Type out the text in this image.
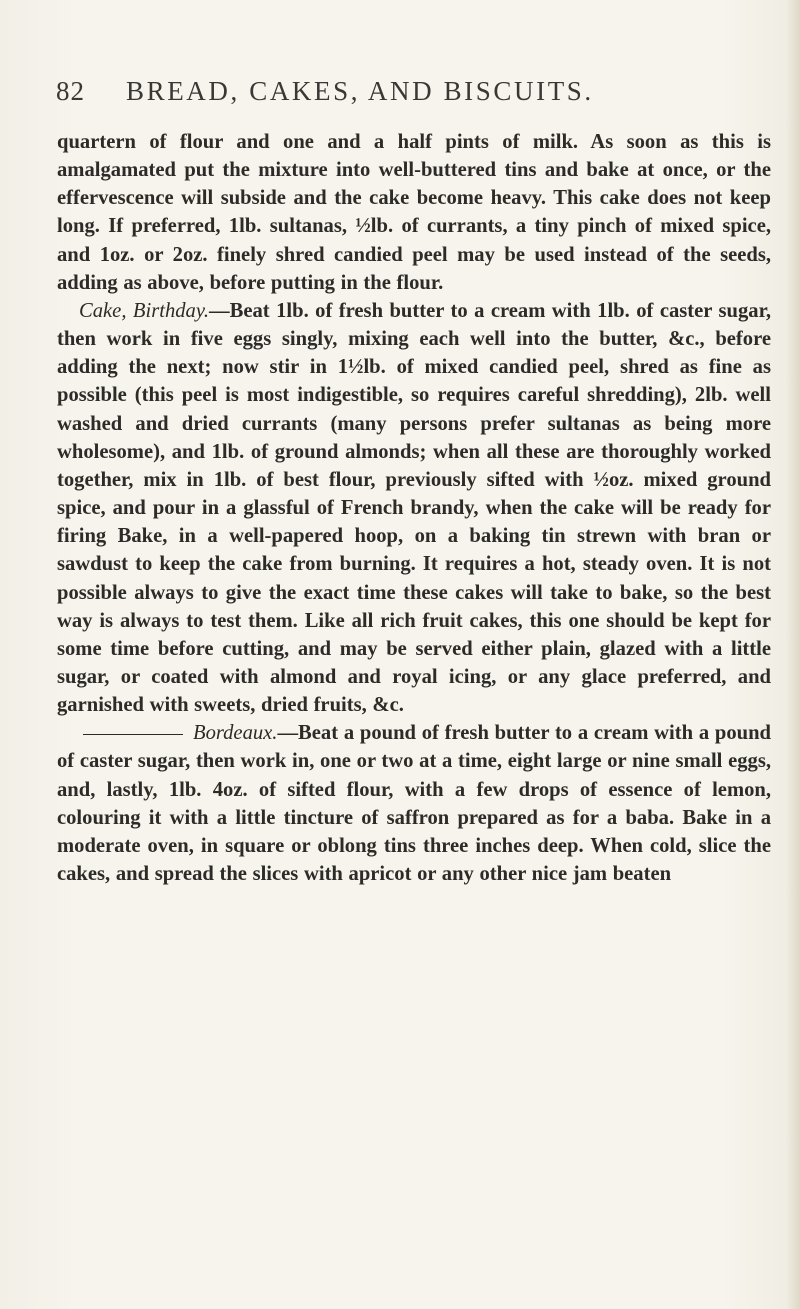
82 BREAD, CAKES, AND BISCUITS.

quartern of flour and one and a half pints of milk. As soon as this is amalgamated put the mixture into well-buttered tins and bake at once, or the effervescence will subside and the cake become heavy. This cake does not keep long. If preferred, 1lb. sultanas, ½lb. of currants, a tiny pinch of mixed spice, and 1oz. or 2oz. finely shred candied peel may be used instead of the seeds, adding as above, before putting in the flour.

Cake, Birthday.—Beat 1lb. of fresh butter to a cream with 1lb. of caster sugar, then work in five eggs singly, mixing each well into the butter, &c., before adding the next; now stir in 1½lb. of mixed candied peel, shred as fine as possible (this peel is most indigestible, so requires careful shredding), 2lb. well washed and dried currants (many persons prefer sultanas as being more wholesome), and 1lb. of ground almonds; when all these are thoroughly worked together, mix in 1lb. of best flour, previously sifted with ½oz. mixed ground spice, and pour in a glassful of French brandy, when the cake will be ready for firing Bake, in a well-papered hoop, on a baking tin strewn with bran or sawdust to keep the cake from burning. It requires a hot, steady oven. It is not possible always to give the exact time these cakes will take to bake, so the best way is always to test them. Like all rich fruit cakes, this one should be kept for some time before cutting, and may be served either plain, glazed with a little sugar, or coated with almond and royal icing, or any glace preferred, and garnished with sweets, dried fruits, &c.

Bordeaux.—Beat a pound of fresh butter to a cream with a pound of caster sugar, then work in, one or two at a time, eight large or nine small eggs, and, lastly, 1lb. 4oz. of sifted flour, with a few drops of essence of lemon, colouring it with a little tincture of saffron prepared as for a baba. Bake in a moderate oven, in square or oblong tins three inches deep. When cold, slice the cakes, and spread the slices with apricot or any other nice jam beaten
